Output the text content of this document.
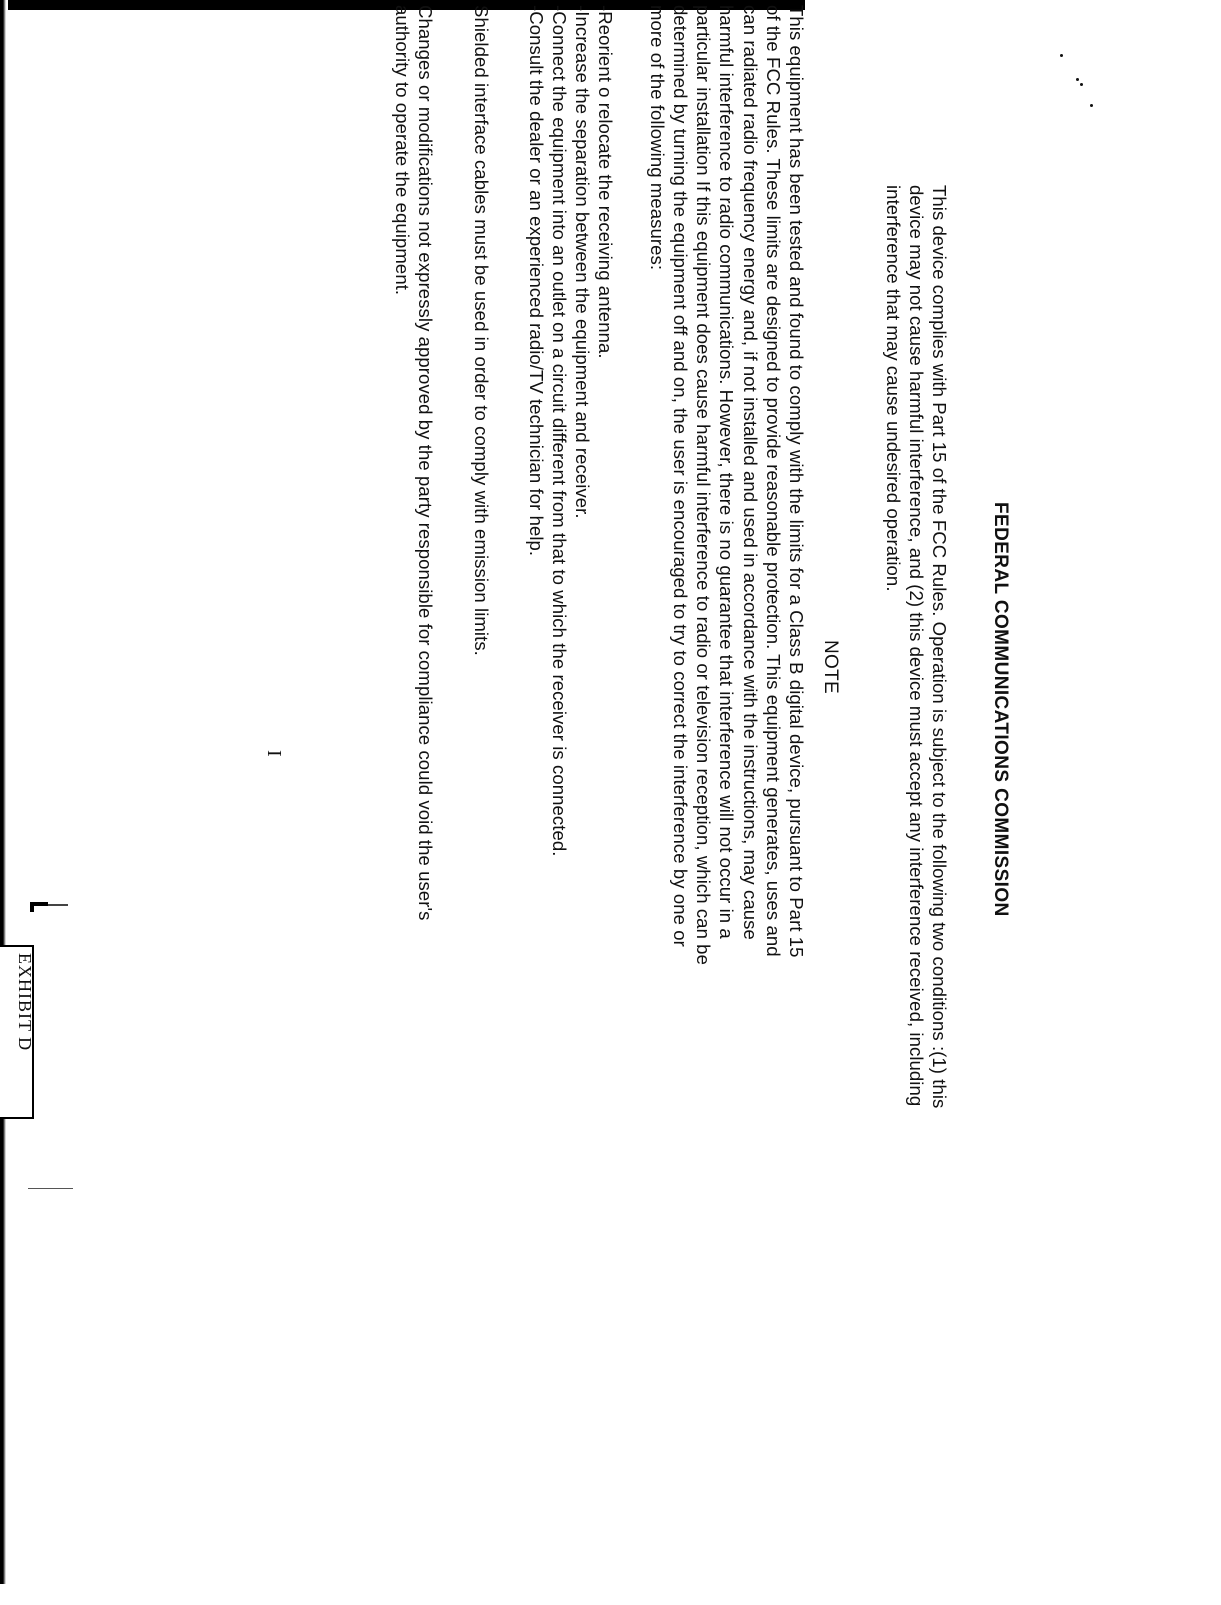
FEDERAL COMMUNICATIONS COMMISSION
This device complies with Part 15 of the FCC Rules. Operation is subject to the following two conditions :(1) this
device may not cause harmful interference, and (2) this device must accept any interference received, including
interference that may cause undesired operation.
NOTE
This equipment has been tested and found to comply with the limits for a Class B digital device, pursuant to Part 15
of the FCC Rules. These limits are designed to provide reasonable protection. This equipment generates, uses and
can radiated radio frequency energy and, if not installed and used in accordance with the instructions, may cause
harmful interference to radio communications. However, there is no guarantee that interference will not occur in a
particular installation If this equipment does cause harmful interference to radio or television reception, which can be
determined by turning the equipment off and on, the user is encouraged to try to correct the interference by one or
more of the following measures:
-Reorient o relocate the receiving antenna.
-Increase the separation between the equipment and receiver.
-Connect the equipment into an outlet on a circuit different from that to which the receiver is connected.
-Consult the dealer or an experienced radio/TV technician for help.
Shielded interface cables must be used in order to comply with emission limits.
Changes or modifications not expressly approved by the party responsible for compliance could void the user's
authority to operate the equipment.
I
EXHIBIT D
